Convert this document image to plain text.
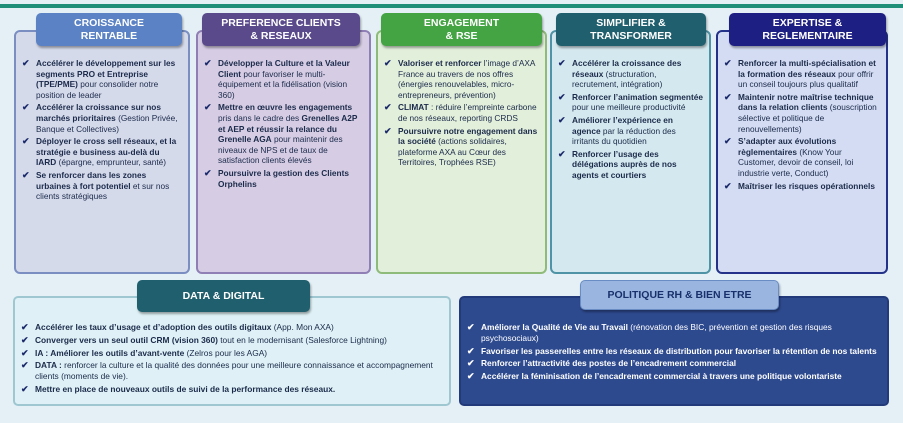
✔ Accélérer le développement sur les segments PRO et Entreprise (TPE/PME) pour consolider notre position de leader
✔ Accélérer la croissance sur nos marchés prioritaires (Gestion Privée, Banque et Collectives)
✔ Déployer le cross sell réseaux, et la stratégie e business au-delà du IARD (épargne, emprunteur, santé)
✔ Se renforcer dans les zones urbaines à fort potentiel et sur nos clients stratégiques
CROISSANCE
RENTABLE
✔ Développer la Culture et la Valeur Client pour favoriser le multi-équipement et la fidélisation (vision 360)
✔ Mettre en œuvre les engagements pris dans le cadre des Grenelles A2P et AEP et réussir la relance du Grenelle AGA pour maintenir des niveaux de NPS et de taux de satisfaction clients élevés
✔ Poursuivre la gestion des Clients Orphelins
PREFERENCE CLIENTS
& RESEAUX
✔ Valoriser et renforcer l’image d’AXA France au travers de nos offres (énergies renouvelables, micro-entrepreneurs, prévention)
✔ CLIMAT : réduire l’empreinte carbone de nos réseaux, reporting CRDS
✔ Poursuivre notre engagement dans la société (actions solidaires, plateforme AXA au Cœur des Territoires, Trophées RSE)
ENGAGEMENT
& RSE
✔ Accélérer la croissance des réseaux (structuration, recrutement, intégration)
✔ Renforcer l’animation segmentée pour une meilleure productivité
✔ Améliorer l’expérience en agence par la réduction des irritants du quotidien
✔ Renforcer l’usage des délégations auprès de nos agents et courtiers
SIMPLIFIER &
TRANSFORMER
✔ Renforcer la multi-spécialisation et la formation des réseaux pour offrir un conseil toujours plus qualitatif
✔ Maintenir notre maîtrise technique dans la relation clients (souscription sélective et politique de renouvellements)
✔ S’adapter aux évolutions règlementaires (Know Your Customer, devoir de conseil, loi industrie verte, Conduct)
✔ Maîtriser les risques opérationnels
EXPERTISE &
REGLEMENTAIRE
✔ Accélérer les taux d’usage et d’adoption des outils digitaux (App. Mon AXA)
✔ Converger vers un seul outil CRM (vision 360) tout en le modernisant (Salesforce Lightning)
✔ IA : Améliorer les outils d’avant-vente (Zelros pour les AGA)
✔ DATA : renforcer la culture et la qualité des données pour une meilleure connaissance et accompagnement clients (moments de vie).
✔ Mettre en place de nouveaux outils de suivi de la performance des réseaux.
DATA & DIGITAL
✔ Améliorer la Qualité de Vie au Travail (rénovation des BIC, prévention et gestion des risques psychosociaux)
✔ Favoriser les passerelles entre les réseaux de distribution pour favoriser la rétention de nos talents
✔ Renforcer l’attractivité des postes de l’encadrement commercial
✔ Accélérer la féminisation de l’encadrement commercial à travers une politique volontariste
POLITIQUE RH & BIEN ETRE
